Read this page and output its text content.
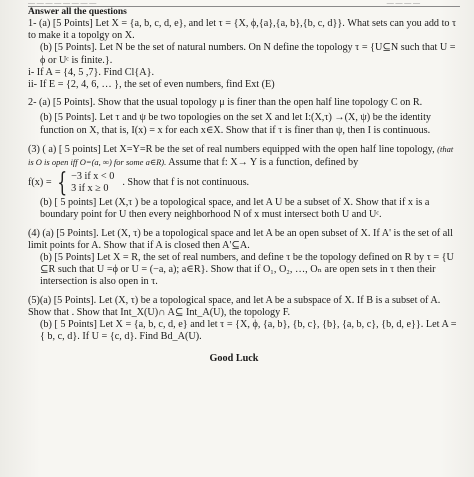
— — — — — — — —	— — — —
Answer all the questions

1- (a) [5 Points] Let X = {a, b, c, d, e}, and let τ = {X, ϕ,{a},{a, b},{b, c, d}}. What sets can you add to τ to make it a topolgy on X.

(b) [5 Points]. Let N be the set of natural numbers. On N define the topology τ = {U⊆N such that U = ϕ or Uᶜ is finite.}.

i- If A = {4, 5 ,7}. Find Cl{A}.

ii- If E = {2, 4, 6, … }, the set of even numbers, find Ext (E)

2- (a) [5 Points]. Show that the usual topology μ is finer than the open half line topology C on R.

(b) [5 Points]. Let τ and ψ be two topologies on the set X and let I:(X,τ) →(X, ψ) be the identity function on X, that is, I(x) = x for each x∈X. Show that if τ is finer than ψ, then I is continuous.

(3) ( a) [ 5 points] Let X=Y=R be the set of real numbers equipped with the open half line topology, (that is O is open iff O=(a, ∞) for some a∈R). Assume that f: X→ Y is a function, defined by

f(x) = { −3 if x < 0
3 if x ≥ 0
. Show that f is not continuous.

(b) [ 5 points] Let (X,τ ) be a topological space, and let A U be a subset of X. Show that if x is a boundary point for U then every neighborhood N of x must intersect both U and Uᶜ.

(4) (a) [5 Points]. Let (X, τ) be a topological space and let A be an open subset of X. If A' is the set of all limit points for A. Show that if A is closed then A'⊆A.

(b) [5 Points] Let X = R, the set of real numbers, and define τ be the topology defined on R by τ = {U ⊆R such that U =ϕ or U = (−a, a); a∈R}. Show that if O₁, O₂, …, Oₙ are open sets in τ then their intersection is also open in τ.

(5)(a) [5 Points]. Let (X, τ) be a topological space, and let A be a subspace of X. If B is a subset of A. Show that . Show that Int_X(U)∩ A⊆ Int_A(U), the topology F.

(b) [ 5 Points] Let X = {a, b, c, d, e} and let τ = {X, ϕ, {a, b}, {b, c}, {b}, {a, b, c}, {b, d, e}}. Let A = { b, c, d}. If U = {c, d}. Find Bd_A(U).

Good Luck
